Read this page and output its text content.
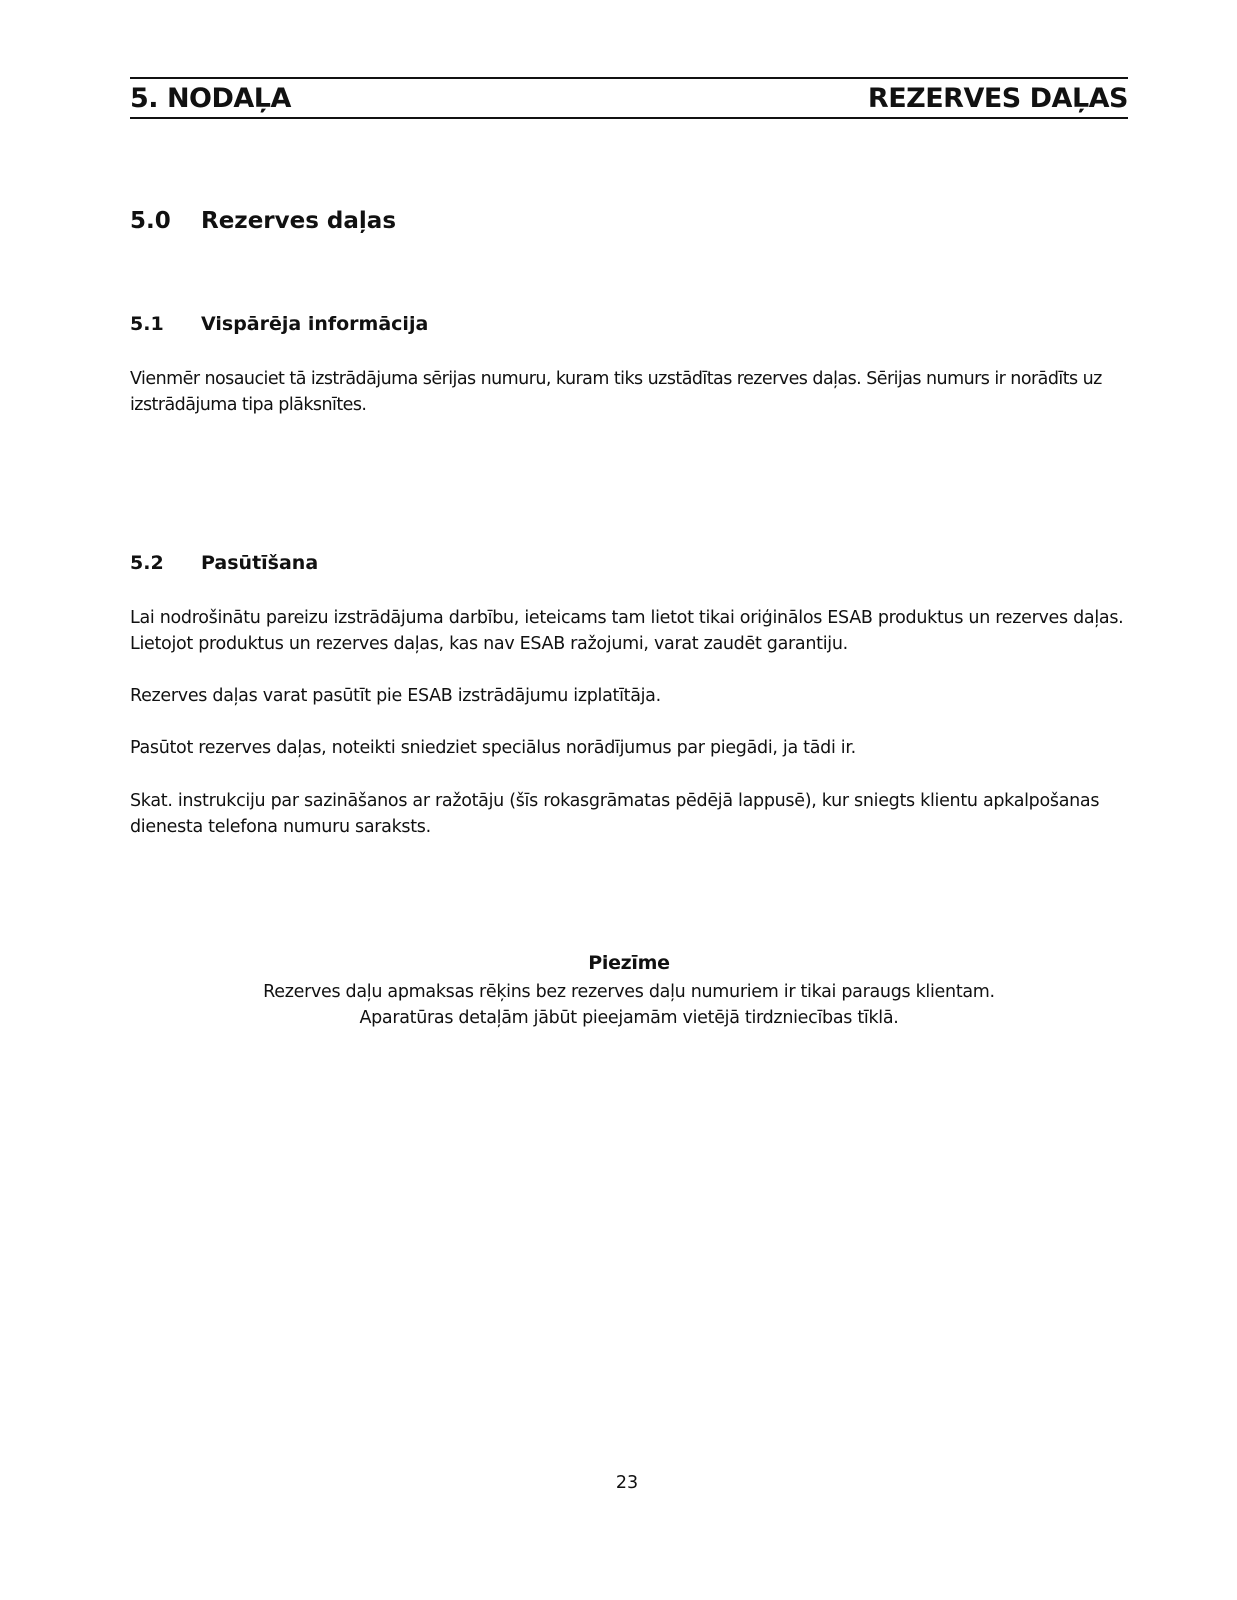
5. NODAĻA	REZERVES DAĻAS
5.0	Rezerves daļas
5.1	Vispārēja informācija

Vienmēr nosauciet tā izstrādājuma sērijas numuru, kuram tiks uzstādītas rezerves daļas. Sērijas numurs ir norādīts uz izstrādājuma tipa plāksnītes.

5.2	Pasūtīšana

Lai nodrošinātu pareizu izstrādājuma darbību, ieteicams tam lietot tikai oriģinālos ESAB produktus un rezerves daļas. Lietojot produktus un rezerves daļas, kas nav ESAB ražojumi, varat zaudēt garantiju.

Rezerves daļas varat pasūtīt pie ESAB izstrādājumu izplatītāja.

Pasūtot rezerves daļas, noteikti sniedziet speciālus norādījumus par piegādi, ja tādi ir.

Skat. instrukciju par sazināšanos ar ražotāju (šīs rokasgrāmatas pēdējā lappusē), kur sniegts klientu apkalpošanas dienesta telefona numuru saraksts.

Piezīme
Rezerves daļu apmaksas rēķins bez rezerves daļu numuriem ir tikai paraugs klientam.
Aparatūras detaļām jābūt pieejamām vietējā tirdzniecības tīklā.
23
